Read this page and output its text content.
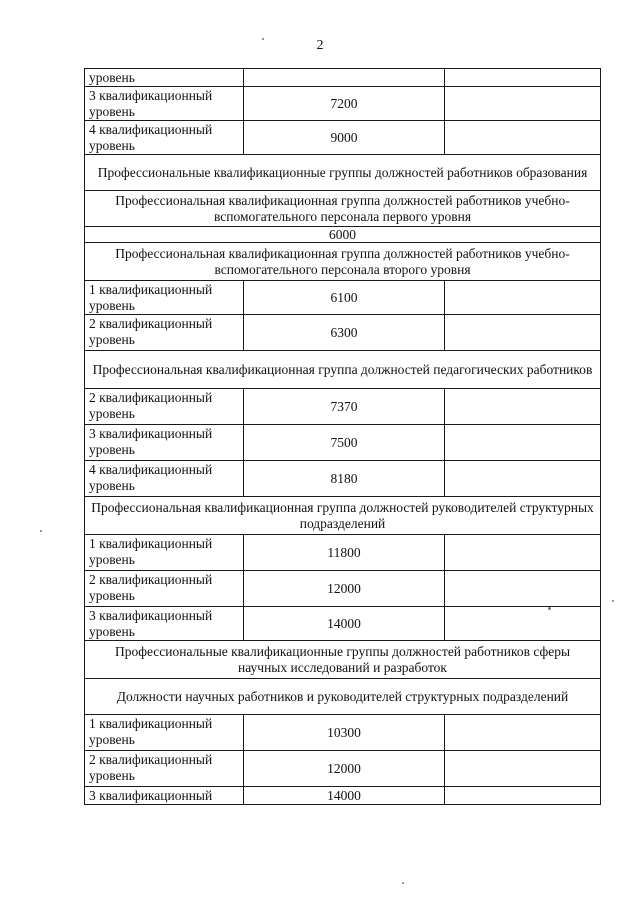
2
уровень		
3 квалификационный уровень	7200	
4 квалификационный уровень	9000	
Профессиональные квалификационные группы должностей работников образования		
Профессиональная квалификационная группа должностей работников учебно-вспомогательного персонала первого уровня		
6000		
Профессиональная квалификационная группа должностей работников учебно-вспомогательного персонала второго уровня		
1 квалификационный уровень	6100	
2 квалификационный уровень	6300	
Профессиональная квалификационная группа должностей педагогических работников		
2 квалификационный уровень	7370	
3 квалификационный уровень	7500	
4 квалификационный уровень	8180	
Профессиональная квалификационная группа должностей руководителей структурных подразделений		
1 квалификационный уровень	11800	
2 квалификационный уровень	12000	
3 квалификационный уровень	14000	
Профессиональные квалификационные группы должностей работников сферы научных исследований и разработок		
Должности научных работников и руководителей структурных подразделений		
1 квалификационный уровень	10300	
2 квалификационный уровень	12000	
3 квалификационный	14000	
